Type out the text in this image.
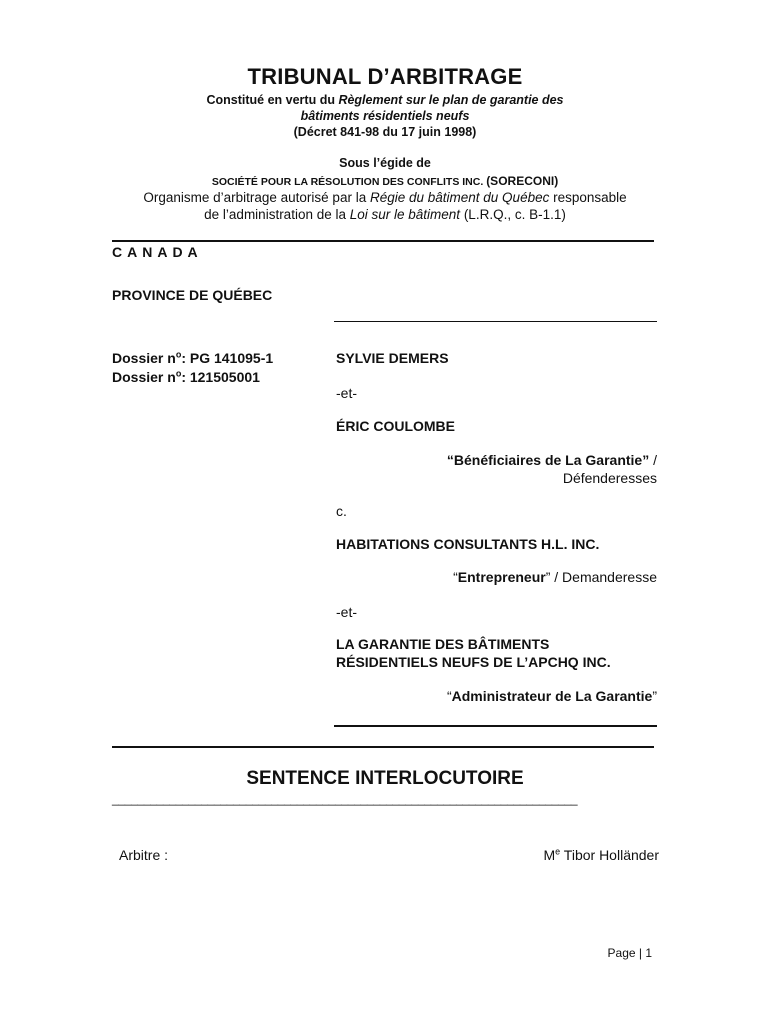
TRIBUNAL D’ARBITRAGE
Constitué en vertu du Règlement sur le plan de garantie des
bâtiments résidentiels neufs
(Décret 841-98 du 17 juin 1998)
Sous l’égide de
SOCIÉTÉ POUR LA RÉSOLUTION DES CONFLITS INC. (SORECONI)
Organisme d’arbitrage autorisé par la Régie du bâtiment du Québec responsable
de l’administration de la Loi sur le bâtiment (L.R.Q., c. B-1.1)
CANADA
PROVINCE DE QUÉBEC
Dossier $n^o$: PG 141095-1
Dossier $n^o$: 121505001
SYLVIE DEMERS
-et-
ÉRIC COULOMBE
“Bénéficiaires de La Garantie” /
Défenderesses
c.
HABITATIONS CONSULTANTS H.L. INC.
“Entrepreneur” / Demanderesse
-et-
LA GARANTIE DES BÂTIMENTS
RÉSIDENTIELS NEUFS DE L’APCHQ INC.
“Administrateur de La Garantie”
SENTENCE INTERLOCUTOIRE
_________________________________________________________________________
Arbitre :	Me Tibor Holländer
Page | 1
